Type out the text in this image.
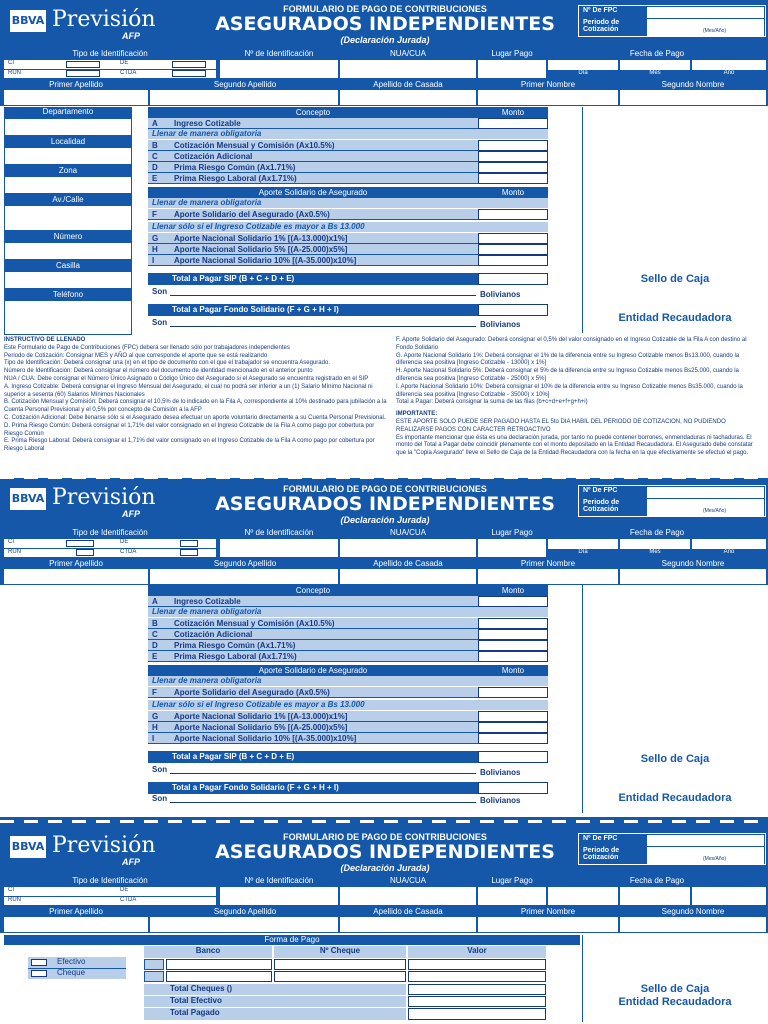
BBVA Previsión
AFP
FORMULARIO DE PAGO DE CONTRIBUCIONES
ASEGURADOS INDEPENDIENTES
(Declaración Jurada)
Nº De FPC
Periodo de Cotización	(Mes/Año)
BBVA Previsión
AFP
FORMULARIO DE PAGO DE CONTRIBUCIONES
ASEGURADOS INDEPENDIENTES
(Declaración Jurada)
Nº De FPC
Periodo de Cotización	(Mes/Año)
BBVA Previsión
AFP
FORMULARIO DE PAGO DE CONTRIBUCIONES
ASEGURADOS INDEPENDIENTES
(Declaración Jurada)
Nº De FPC
Periodo de Cotización	(Mes/Año)
Tipo de Identificación	Nº de Identificación	NUA/CUA	Lugar Pago	Fecha de Pago
CI	DE
RUN	CTDA	Día	Mes	Año
Primer Apellido	Segundo Apellido	Apellido de Casada	Primer Nombre	Segundo Nombre
Tipo de Identificación	Nº de Identificación	NUA/CUA	Lugar Pago	Fecha de Pago
CI	DE
RUN	CTDA	Día	Mes	Año
Primer Apellido	Segundo Apellido	Apellido de Casada	Primer Nombre	Segundo Nombre
Tipo de Identificación	Nº de Identificación	NUA/CUA	Lugar Pago	Fecha de Pago
CI	DE
RUN	CTDA
Primer Apellido	Segundo Apellido	Apellido de Casada	Primer Nombre	Segundo Nombre
Departamento
Localidad
Zona
Av./Calle
Número
Casilla
Teléfono
Concepto	Monto
A Ingreso Cotizable
Llenar de manera obligatoria
B Cotización Mensual y Comisión (Ax10.5%)
C Cotización Adicional
D Prima Riesgo Común (Ax1.71%)
E Prima Riesgo Laboral (Ax1.71%)
Aporte Solidario de Asegurado	Monto
Llenar de manera obligatoria
F Aporte Solidario del Asegurado (Ax0.5%)
Llenar sólo si el Ingreso Cotizable es mayor a Bs 13.000
G Aporte Nacional Solidario 1% [(A-13.000)x1%]
H Aporte Nacional Solidario 5% [(A-25.000)x5%]
I Aporte Nacional Solidario 10% [(A-35.000)x10%]
Total a Pagar SIP (B + C + D + E)
Son	Bolivianos
Total a Pagar Fondo Solidario (F + G + H + I)
Son	Bolivianos
Sello de Caja
Entidad Recaudadora
INSTRUCTIVO DE LLENADO
Este Formulario de Pago de Contribuciones (FPC) deberá ser llenado sólo por trabajadores independientes
Periodo de Cotización: Consignar MES y AÑO al que corresponde el aporte que se está realizando
Tipo de Identificación: Deberá consignar una (x) en el tipo de documento con el que el trabajador se encuentra Asegurado.
Número de Identificación: Deberá consignar el número del documento de identidad mencionado en el anterior punto
NUA / CUA: Debe consignar el Número Único Asignado o Código Único del Asegurado si el Asegurado se encuentra registrado en el SIP
A. Ingreso Cotizable: Deberá consignar el Ingreso Mensual del Asegurado, el cual no podrá ser inferior a un (1) Salario Mínimo Nacional ni superior a sesenta (60) Salarios Mínimos Nacionales
B. Cotización Mensual y Comisión: Deberá consignar el 10,5% de lo indicado en la Fila A, correspondiente al 10% destinado para jubilación a la Cuenta Personal Previsional y el 0,5% por concepto de Comisión a la AFP
C. Cotización Adicional: Debe llenarse sólo si el Asegurado desea efectuar un aporte voluntario directamente a su Cuenta Personal Previsional.
D. Prima Riesgo Común: Deberá consignar el 1,71% del valor consignado en el Ingreso Cotizable de la Fila A como pago por cobertura por Riesgo Común
E. Prima Riesgo Laboral: Deberá consignar el 1,71% del valor consignado en el Ingreso Cotizable de la Fila A como pago por cobertura por Riesgo Laboral
F. Aporte Solidario del Asegurado: Deberá consignar el 0,5% del valor consignado en el Ingreso Cotizable de la Fila A con destino al Fondo Solidario
G. Aporte Nacional Solidario 1%: Deberá consignar el 1% de la diferencia entre su Ingreso Cotizable menos Bs13.000, cuando la diferencia sea positiva [Ingreso Cotizable - 13000) x 1%]
H. Aporte Nacional Solidario 5%: Deberá consignar el 5% de la diferencia entre su Ingreso Cotizable menos Bs25.000, cuando la diferencia sea positiva [Ingreso Cotizable - 25000) x 5%]
I. Aporte Nacional Solidario 10%: Deberá consignar el 10% de la diferencia entre su Ingreso Cotizable menos Bs35.000, cuando la diferencia sea positiva [Ingreso Cotizable - 35000) x 10%]
Total a Pagar: Deberá consignar la suma de las filas (b+c+d+e+f+g+h+i)
IMPORTANTE:
ESTE APORTE SOLO PUEDE SER PAGADO HASTA EL 5to DIA HABIL DEL PERIODO DE COTIZACION, NO PUDIENDO REALIZARSE PAGOS CON CARACTER RETROACTIVO
Es importante mencionar que ésta es una declaración jurada, por tanto no puede contener borrones, enmendaduras ni tachaduras. El monto del Total a Pagar debe coincidir plenamente con el monto depositado en la Entidad Recaudadora. El Asegurado debe constatar que la "Copia Asegurado" lleve el Sello de Caja de la Entidad Recaudadora con la fecha en la que efectivamente se efectuó el pago.
Concepto	Monto
A Ingreso Cotizable
Llenar de manera obligatoria
B Cotización Mensual y Comisión (Ax10.5%)
C Cotización Adicional
D Prima Riesgo Común (Ax1.71%)
E Prima Riesgo Laboral (Ax1.71%)
Aporte Solidario de Asegurado	Monto
Llenar de manera obligatoria
F Aporte Solidario del Asegurado (Ax0.5%)
Llenar sólo si el Ingreso Cotizable es mayor a Bs 13.000
G Aporte Nacional Solidario 1% [(A-13.000)x1%]
H Aporte Nacional Solidario 5% [(A-25.000)x5%]
I Aporte Nacional Solidario 10% [(A-35.000)x10%]
Total a Pagar SIP (B + C + D + E)
Son	Bolivianos
Total a Pagar Fondo Solidario (F + G + H + I)
Son	Bolivianos
Sello de Caja
Entidad Recaudadora
Forma de Pago
Efectivo
Cheque
Banco	Nº Cheque	Valor
Total Cheques ()
Total Efectivo
Total Pagado
Sello de Caja
Entidad Recaudadora
